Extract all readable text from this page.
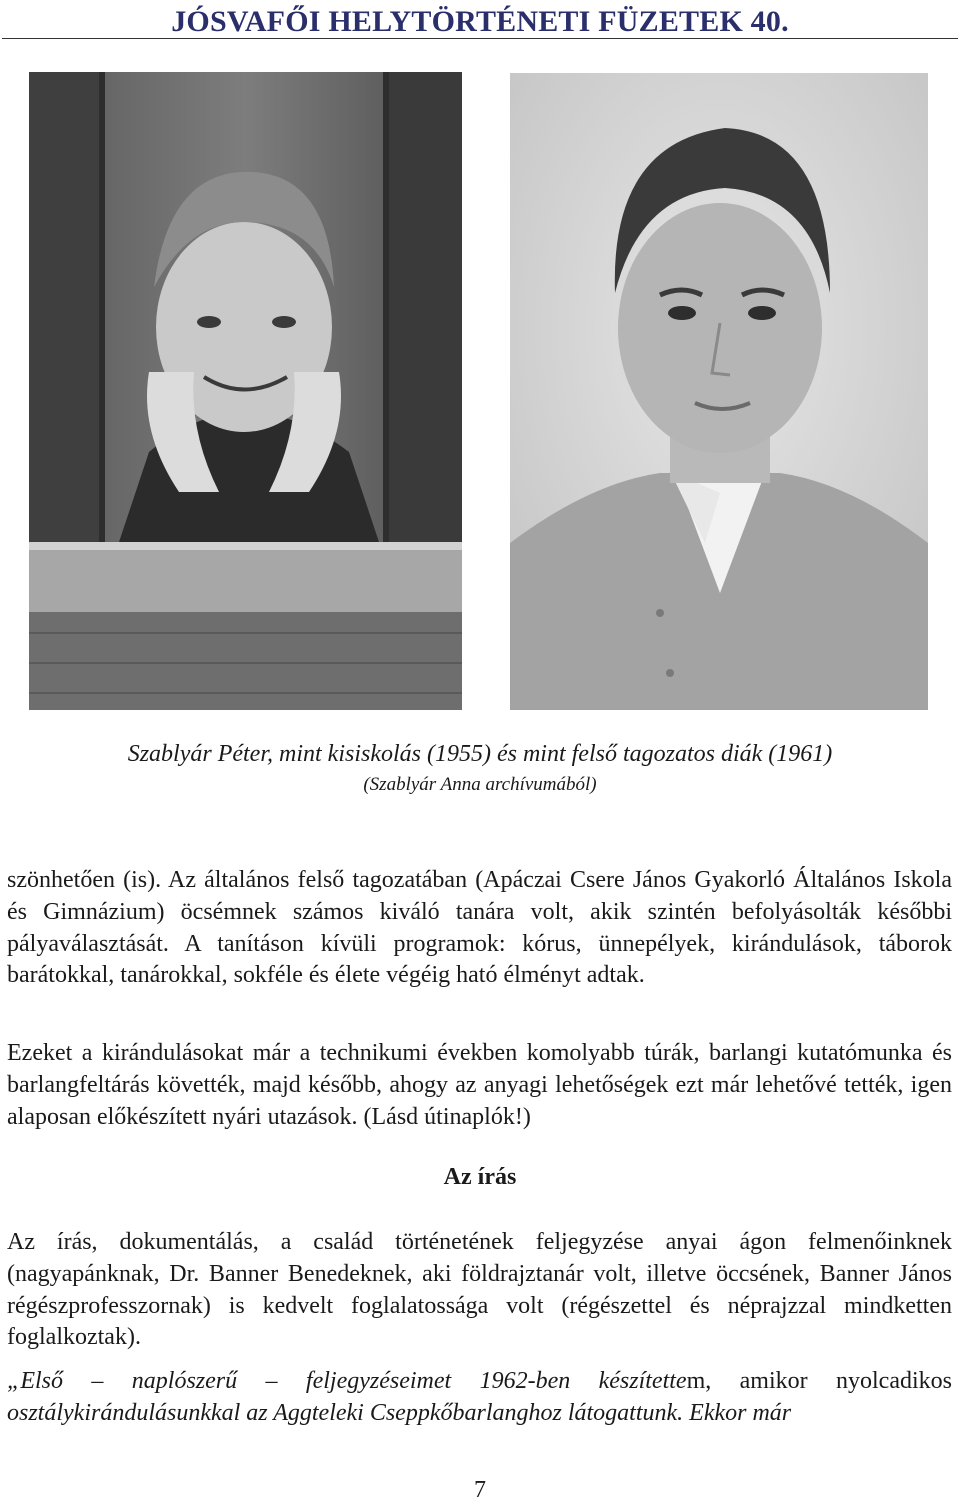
JÓSVAFŐI HELYTÖRTÉNETI FÜZETEK 40.
Szablyár Péter, mint kisiskolás (1955) és mint felső tagozatos diák (1961)
(Szablyár Anna archívumából)

szönhetően (is). Az általános felső tagozatában (Apáczai Csere János Gyakorló Általános Iskola és Gimnázium) öcsémnek számos kiváló tanára volt, akik szintén befolyásolták későbbi pályaválasztását. A tanításon kívüli programok: kórus, ünnepélyek, kirándulások, táborok barátokkal, tanárokkal, sokféle és élete végéig ható élményt adtak.

Ezeket a kirándulásokat már a technikumi években komolyabb túrák, barlangi kutatómunka és barlangfeltárás követték, majd később, ahogy az anyagi lehetőségek ezt már lehetővé tették, igen alaposan előkészített nyári utazások. (Lásd útinaplók!)

Az írás

Az írás, dokumentálás, a család történetének feljegyzése anyai ágon felmenőinknek (nagyapánknak, Dr. Banner Benedeknek, aki földrajztanár volt, illetve öccsének, Banner János régészprofesszornak) is kedvelt foglalatossága volt (régészettel és néprajzzal mindketten foglalkoztak).

„Első – naplószerű – feljegyzéseimet 1962-ben készítettem, amikor nyolcadikos osztálykirándulásunkkal az Aggteleki Cseppkőbarlanghoz látogattunk. Ekkor már

7
